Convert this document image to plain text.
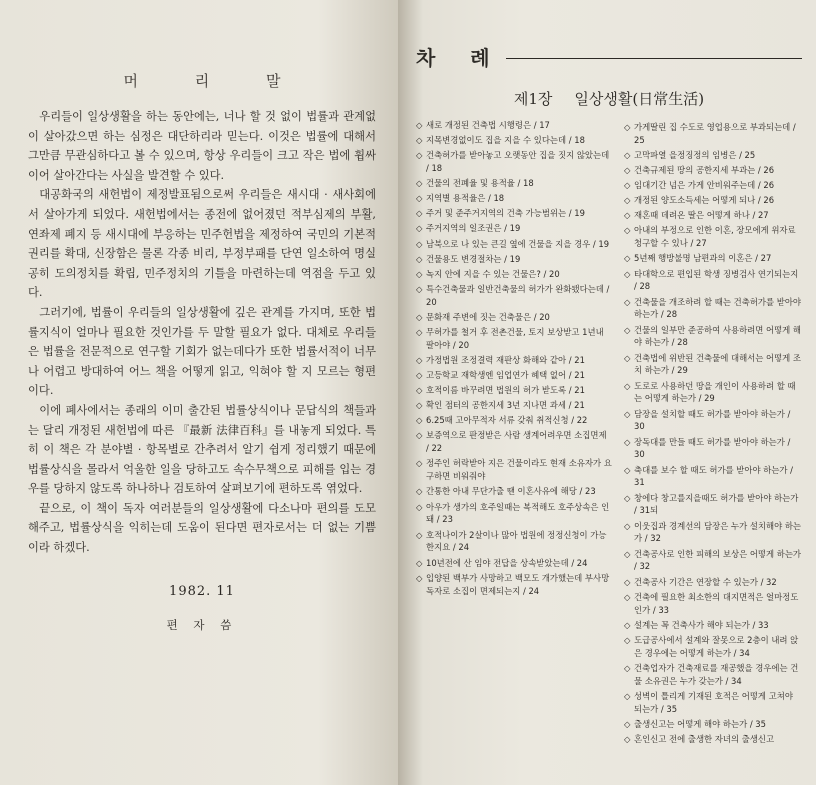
머 리 말

우리들이 일상생활을 하는 동안에는, 너나 할 것 없이 법률과 관계없이 살아갔으면 하는 심정은 대단하리라 믿는다. 이것은 법률에 대해서 그만큼 무관심하다고 볼 수 있으며, 항상 우리들이 크고 작은 법에 휩싸이어 살아간다는 사실을 발견할 수 있다.

대공화국의 새헌법이 제정발표됨으로써 우리들은 새시대 · 새사회에서 살아가게 되었다. 새헌법에서는 종전에 없어졌던 적부심제의 부활, 연좌제 폐지 등 새시대에 부응하는 민주헌법을 제정하여 국민의 기본적 권리를 확대, 신장함은 물론 각종 비리, 부정부패를 단연 일소하여 명실공히 도의정치를 확립, 민주정치의 기틀을 마련하는데 역점을 두고 있다.

그러기에, 법률이 우리들의 일상생활에 깊은 관계를 가지며, 또한 법률지식이 얼마나 필요한 것인가를 두 말할 필요가 없다. 대체로 우리들은 법률을 전문적으로 연구할 기회가 없는데다가 또한 법률서적이 너무나 어렵고 방대하여 어느 책을 어떻게 읽고, 익혀야 할 지 모르는 형편이다.

이에 폐사에서는 종래의 이미 출간된 법률상식이나 문답식의 책들과는 달리 개정된 새헌법에 따른 『最新 法律百科』를 내놓게 되었다. 특히 이 책은 각 분야별 · 항목별로 간추려서 알기 쉽게 정리했기 때문에 법률상식을 몰라서 억울한 일을 당하고도 속수무책으로 피해를 입는 경우를 당하지 않도록 하나하나 검토하여 살펴보기에 편하도록 엮었다.

끝으로, 이 책이 독자 여러분들의 일상생활에 다소나마 편의를 도모해주고, 법률상식을 익히는데 도움이 된다면 편자로서는 더 없는 기쁨이라 하겠다.

1982. 11
편 자 씀
차 례
제1장 일상생활(日常生活)
◇ 새로 개정된 건축법 시행령은 / 17
◇ 지목변경없이도 집을 지을 수 있다는데 / 18
◇ 건축허가를 받아놓고 오랫동안 집을 짓지 않았는데 / 18
◇ 건물의 전폐율 및 용적율 / 18
◇ 지역별 용적율은 / 18
◇ 주거 및 준주거지역의 건축 가능범위는 / 19
◇ 주거지역의 일조권은 / 19
◇ 남북으로 나 있는 큰길 옆에 건물을 지을 경우 / 19
◇ 건물용도 변경절차는 / 19
◇ 녹지 안에 지을 수 있는 건물은? / 20
◇ 특수건축물과 일반건축물의 허가가 완화됐다는데 / 20
◇ 문화재 주변에 짓는 건축물은 / 20
◇ 무허가를 철거 후 전촌건물, 토지 보상받고 1년내 팔아야 / 20
◇ 가정법원 조정결력 재판상 화해와 같아 / 21
◇ 고등학교 재학생엔 임업연가 혜택 없어 / 21
◇ 호적이름 바꾸려면 법원의 허가 받도록 / 21
◇ 확인 점터의 공한지세 3년 지나면 과세 / 21
◇ 6.25때 고아무적자 서류 갖춰 취적신청 / 22
◇ 보증역으로 판정받은 사람 생계어려우면 소집면제 / 22
◇ 정주인 허락받아 지은 건물이라도 현재 소유자가 요구하면 비워줘야
◇ 간통한 아내 무단가출 땐 이혼사유에 해당 / 23
◇ 아우가 생가의 호주일때는 복적해도 호주상속은 인돼 / 23
◇ 호적나이가 2살이나 많아 법원에 정정신청이 가능한지요 / 24
◇ 10년전에 산 임야 전답을 상속받았는데 / 24
◇ 입양된 백부가 사망하고 백모도 개가했는데 부사망 독자로 소집이 면제되는지 / 24
◇ 가게딸린 집 수도로 영업용으로 부과되는데 / 25
◇ 고막파열 을정징정의 임병은 / 25
◇ 건축규제된 땅의 공한지세 부과는 / 26
◇ 임대기간 넘은 가게 안비워주는데 / 26
◇ 개정된 양도소득세는 어떻게 되나 / 26
◇ 재혼때 데려온 딸은 어떻게 하나 / 27
◇ 아내의 부정으로 인한 이혼, 장모에게 위자료 청구할 수 있나 / 27
◇ 5년째 행방불명 남편과의 이혼은 / 27
◇ 타대학으로 편입된 학생 징병검사 연기되는지 / 28
◇ 건축물을 개조하려 할 때는 건축허가를 받아야 하는가 / 28
◇ 건물의 일부만 준공하여 사용하려면 어떻게 해야 하는가 / 28
◇ 건축법에 위반된 건축물에 대해서는 어떻게 조치 하는가 / 29
◇ 도로로 사용하던 땅을 개인이 사용하려 할 때는 어떻게 하는가 / 29
◇ 담장을 설치할 때도 허가를 받아야 하는가 / 30
◇ 장독대를 만들 때도 허가를 받아야 하는가 / 30
◇ 축대를 보수 할 때도 허가를 받아야 하는가 / 31
◇ 창에다 창고를지을때도 허가를 받아야 하는가 / 31되
◇ 이웃집과 경계선의 담장은 누가 설치해야 하는가 / 32
◇ 건축공사로 인한 피해의 보상은 어떻게 하는가 / 32
◇ 건축공사 기간은 연장할 수 있는가 / 32
◇ 건축에 필요한 최소한의 대지면적은 얼마정도인가 / 33
◇ 설계는 꼭 건축사가 해야 되는가 / 33
◇ 도급공사에서 설계와 잘못으로 2층이 내려 앉은 경우에는 어떻게 하는가 / 34
◇ 건축업자가 건축재료를 재공했을 경우에는 건물 소유권은 누가 갖는가 / 34
◇ 성벽이 틀리게 기재된 호적은 어떻게 고쳐야 되는가 / 35
◇ 출생신고는 어떻게 해야 하는가 / 35
◇ 혼인신고 전에 출생한 자녀의 출생신고
